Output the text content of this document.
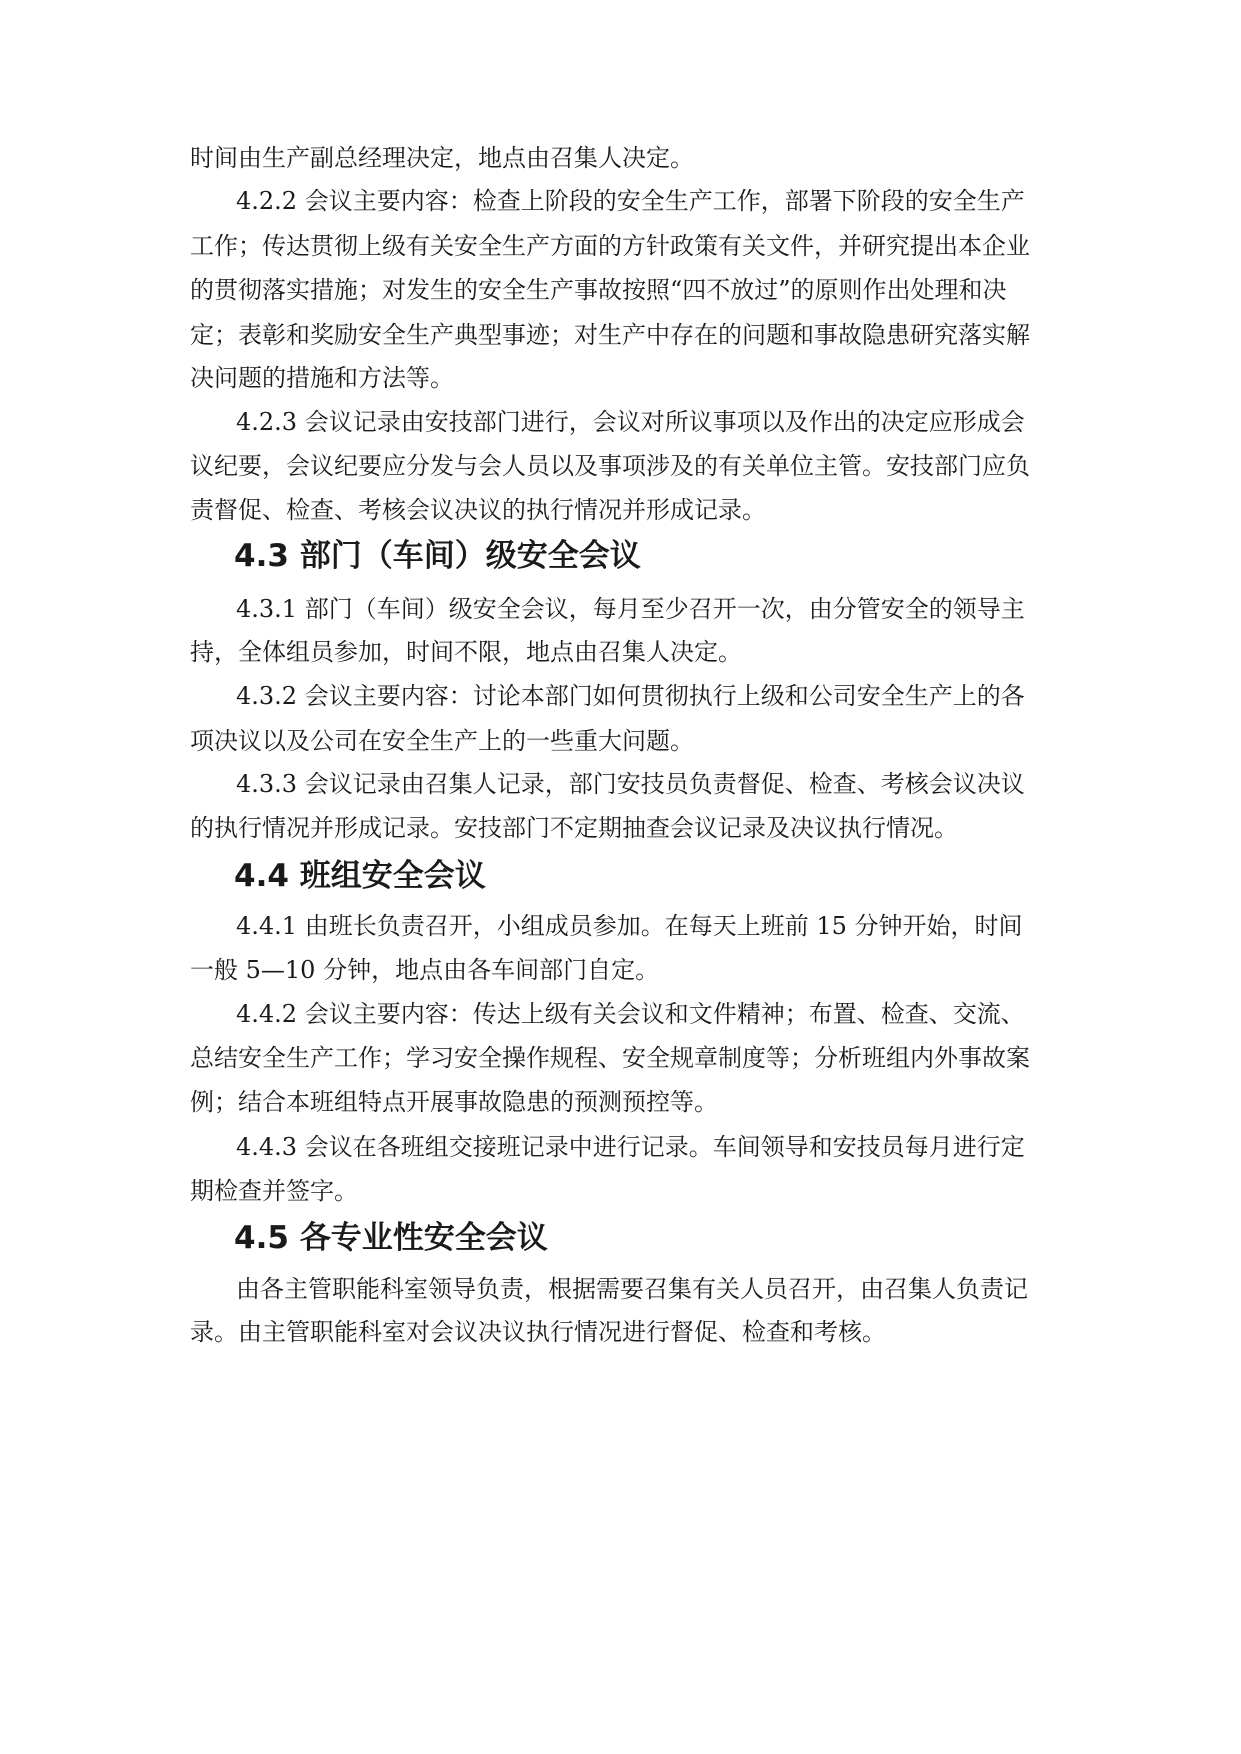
时间由生产副总经理决定，地点由召集人决定。
4.2.2 会议主要内容：检查上阶段的安全生产工作，部署下阶段的安全生产
工作；传达贯彻上级有关安全生产方面的方针政策有关文件，并研究提出本企业
的贯彻落实措施；对发生的安全生产事故按照“四不放过”的原则作出处理和决
定；表彰和奖励安全生产典型事迹；对生产中存在的问题和事故隐患研究落实解
决问题的措施和方法等。
4.2.3 会议记录由安技部门进行，会议对所议事项以及作出的决定应形成会
议纪要，会议纪要应分发与会人员以及事项涉及的有关单位主管。安技部门应负
责督促、检查、考核会议决议的执行情况并形成记录。
4.3 部门（车间）级安全会议
4.3.1 部门（车间）级安全会议，每月至少召开一次，由分管安全的领导主
持，全体组员参加，时间不限，地点由召集人决定。
4.3.2 会议主要内容：讨论本部门如何贯彻执行上级和公司安全生产上的各
项决议以及公司在安全生产上的一些重大问题。
4.3.3 会议记录由召集人记录，部门安技员负责督促、检查、考核会议决议
的执行情况并形成记录。安技部门不定期抽查会议记录及决议执行情况。
4.4 班组安全会议
4.4.1 由班长负责召开，小组成员参加。在每天上班前 15 分钟开始，时间
一般 5—10 分钟，地点由各车间部门自定。
4.4.2 会议主要内容：传达上级有关会议和文件精神；布置、检查、交流、
总结安全生产工作；学习安全操作规程、安全规章制度等；分析班组内外事故案
例；结合本班组特点开展事故隐患的预测预控等。
4.4.3 会议在各班组交接班记录中进行记录。车间领导和安技员每月进行定
期检查并签字。
4.5 各专业性安全会议
由各主管职能科室领导负责，根据需要召集有关人员召开，由召集人负责记
录。由主管职能科室对会议决议执行情况进行督促、检查和考核。
